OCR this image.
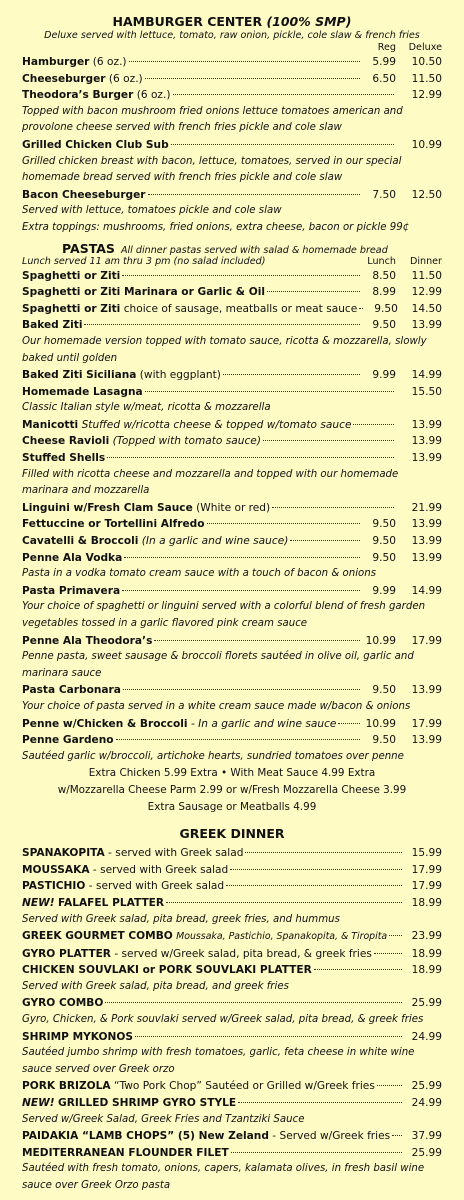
HAMBURGER CENTER (100% SMP)
Deluxe served with lettuce, tomato, raw onion, pickle, cole slaw & french fries
Reg	Deluxe
Hamburger
(6 oz.)	5.99	10.50
Cheeseburger
(6 oz.)	6.50	11.50
Theodora’s Burger
(6 oz.)	12.99
Topped with bacon mushroom fried onions lettuce tomatoes american and provolone cheese served with french fries pickle and cole slaw
Grilled Chicken Club Sub	10.99
Grilled chicken breast with bacon, lettuce, tomatoes, served in our special homemade bread served with french fries pickle and cole slaw
Bacon Cheeseburger	7.50	12.50
Served with lettuce, tomatoes pickle and cole slaw
Extra toppings: mushrooms, fried onions, extra cheese, bacon or pickle 99¢
PASTAS All dinner pastas served with salad & homemade bread
Lunch served 11 am thru 3 pm (no salad included)	Lunch	Dinner
Spaghetti or Ziti	8.50	11.50
Spaghetti or Ziti Marinara or Garlic & Oil	8.99	12.99
Spaghetti or Ziti
choice of sausage, meatballs or meat sauce	9.50	14.50
Baked Ziti	9.50	13.99
Our homemade version topped with tomato sauce, ricotta & mozzarella, slowly baked until golden
Baked Ziti Siciliana
(with eggplant)	9.99	14.99
Homemade Lasagna	15.50
Classic Italian style w/meat, ricotta & mozzarella
Manicotti
Stuffed w/ricotta cheese & topped w/tomato sauce	13.99
Cheese Ravioli
(Topped with tomato sauce)	13.99
Stuffed Shells	13.99
Filled with ricotta cheese and mozzarella and topped with our homemade marinara and mozzarella
Linguini w/Fresh Clam Sauce
(White or red)	21.99
Fettuccine or Tortellini Alfredo	9.50	13.99
Cavatelli & Broccoli
(In a garlic and wine sauce)	9.50	13.99
Penne Ala Vodka	9.50	13.99
Pasta in a vodka tomato cream sauce with a touch of bacon & onions
Pasta Primavera	9.99	14.99
Your choice of spaghetti or linguini served with a colorful blend of fresh garden vegetables tossed in a garlic flavored pink cream sauce
Penne Ala Theodora’s	10.99	17.99
Penne pasta, sweet sausage & broccoli florets sautéed in olive oil, garlic and marinara sauce
Pasta Carbonara	9.50	13.99
Your choice of pasta served in a white cream sauce made w/bacon & onions
Penne w/Chicken & Broccoli
- In a garlic and wine sauce	10.99	17.99
Penne Gardeno	9.50	13.99
Sautéed garlic w/broccoli, artichoke hearts, sundried tomatoes over penne
Extra Chicken 5.99 Extra • With Meat Sauce 4.99 Extra
w/Mozzarella Cheese Parm 2.99 or w/Fresh Mozzarella Cheese 3.99
Extra Sausage or Meatballs 4.99
GREEK DINNER
SPANAKOPITA
- served with Greek salad	15.99
MOUSSAKA
- served with Greek salad	17.99
PASTICHIO
- served with Greek salad	17.99
NEW!
FALAFEL PLATTER	18.99
Served with Greek salad, pita bread, greek fries, and hummus
GREEK GOURMET COMBO
Moussaka, Pastichio, Spanakopita, & Tiropita	23.99
GYRO PLATTER
- served w/Greek salad, pita bread, & greek fries	18.99
CHICKEN SOUVLAKI or PORK SOUVLAKI PLATTER	18.99
Served with Greek salad, pita bread, and greek fries
GYRO COMBO	25.99
Gyro, Chicken, & Pork souvlaki served w/Greek salad, pita bread, & greek fries
SHRIMP MYKONOS	24.99
Sautéed jumbo shrimp with fresh tomatoes, garlic, feta cheese in white wine sauce served over Greek orzo
PORK BRIZOLA
“Two Pork Chop” Sautéed or Grilled w/Greek fries	25.99
NEW!
GRILLED SHRIMP GYRO STYLE	24.99
Served w/Greek Salad, Greek Fries and Tzantziki Sauce
PAIDAKIA “LAMB CHOPS” (5) New Zeland
- Served w/Greek fries	37.99
MEDITERRANEAN FLOUNDER FILET	25.99
Sautéed with fresh tomato, onions, capers, kalamata olives, in fresh basil wine sauce over Greek Orzo pasta
